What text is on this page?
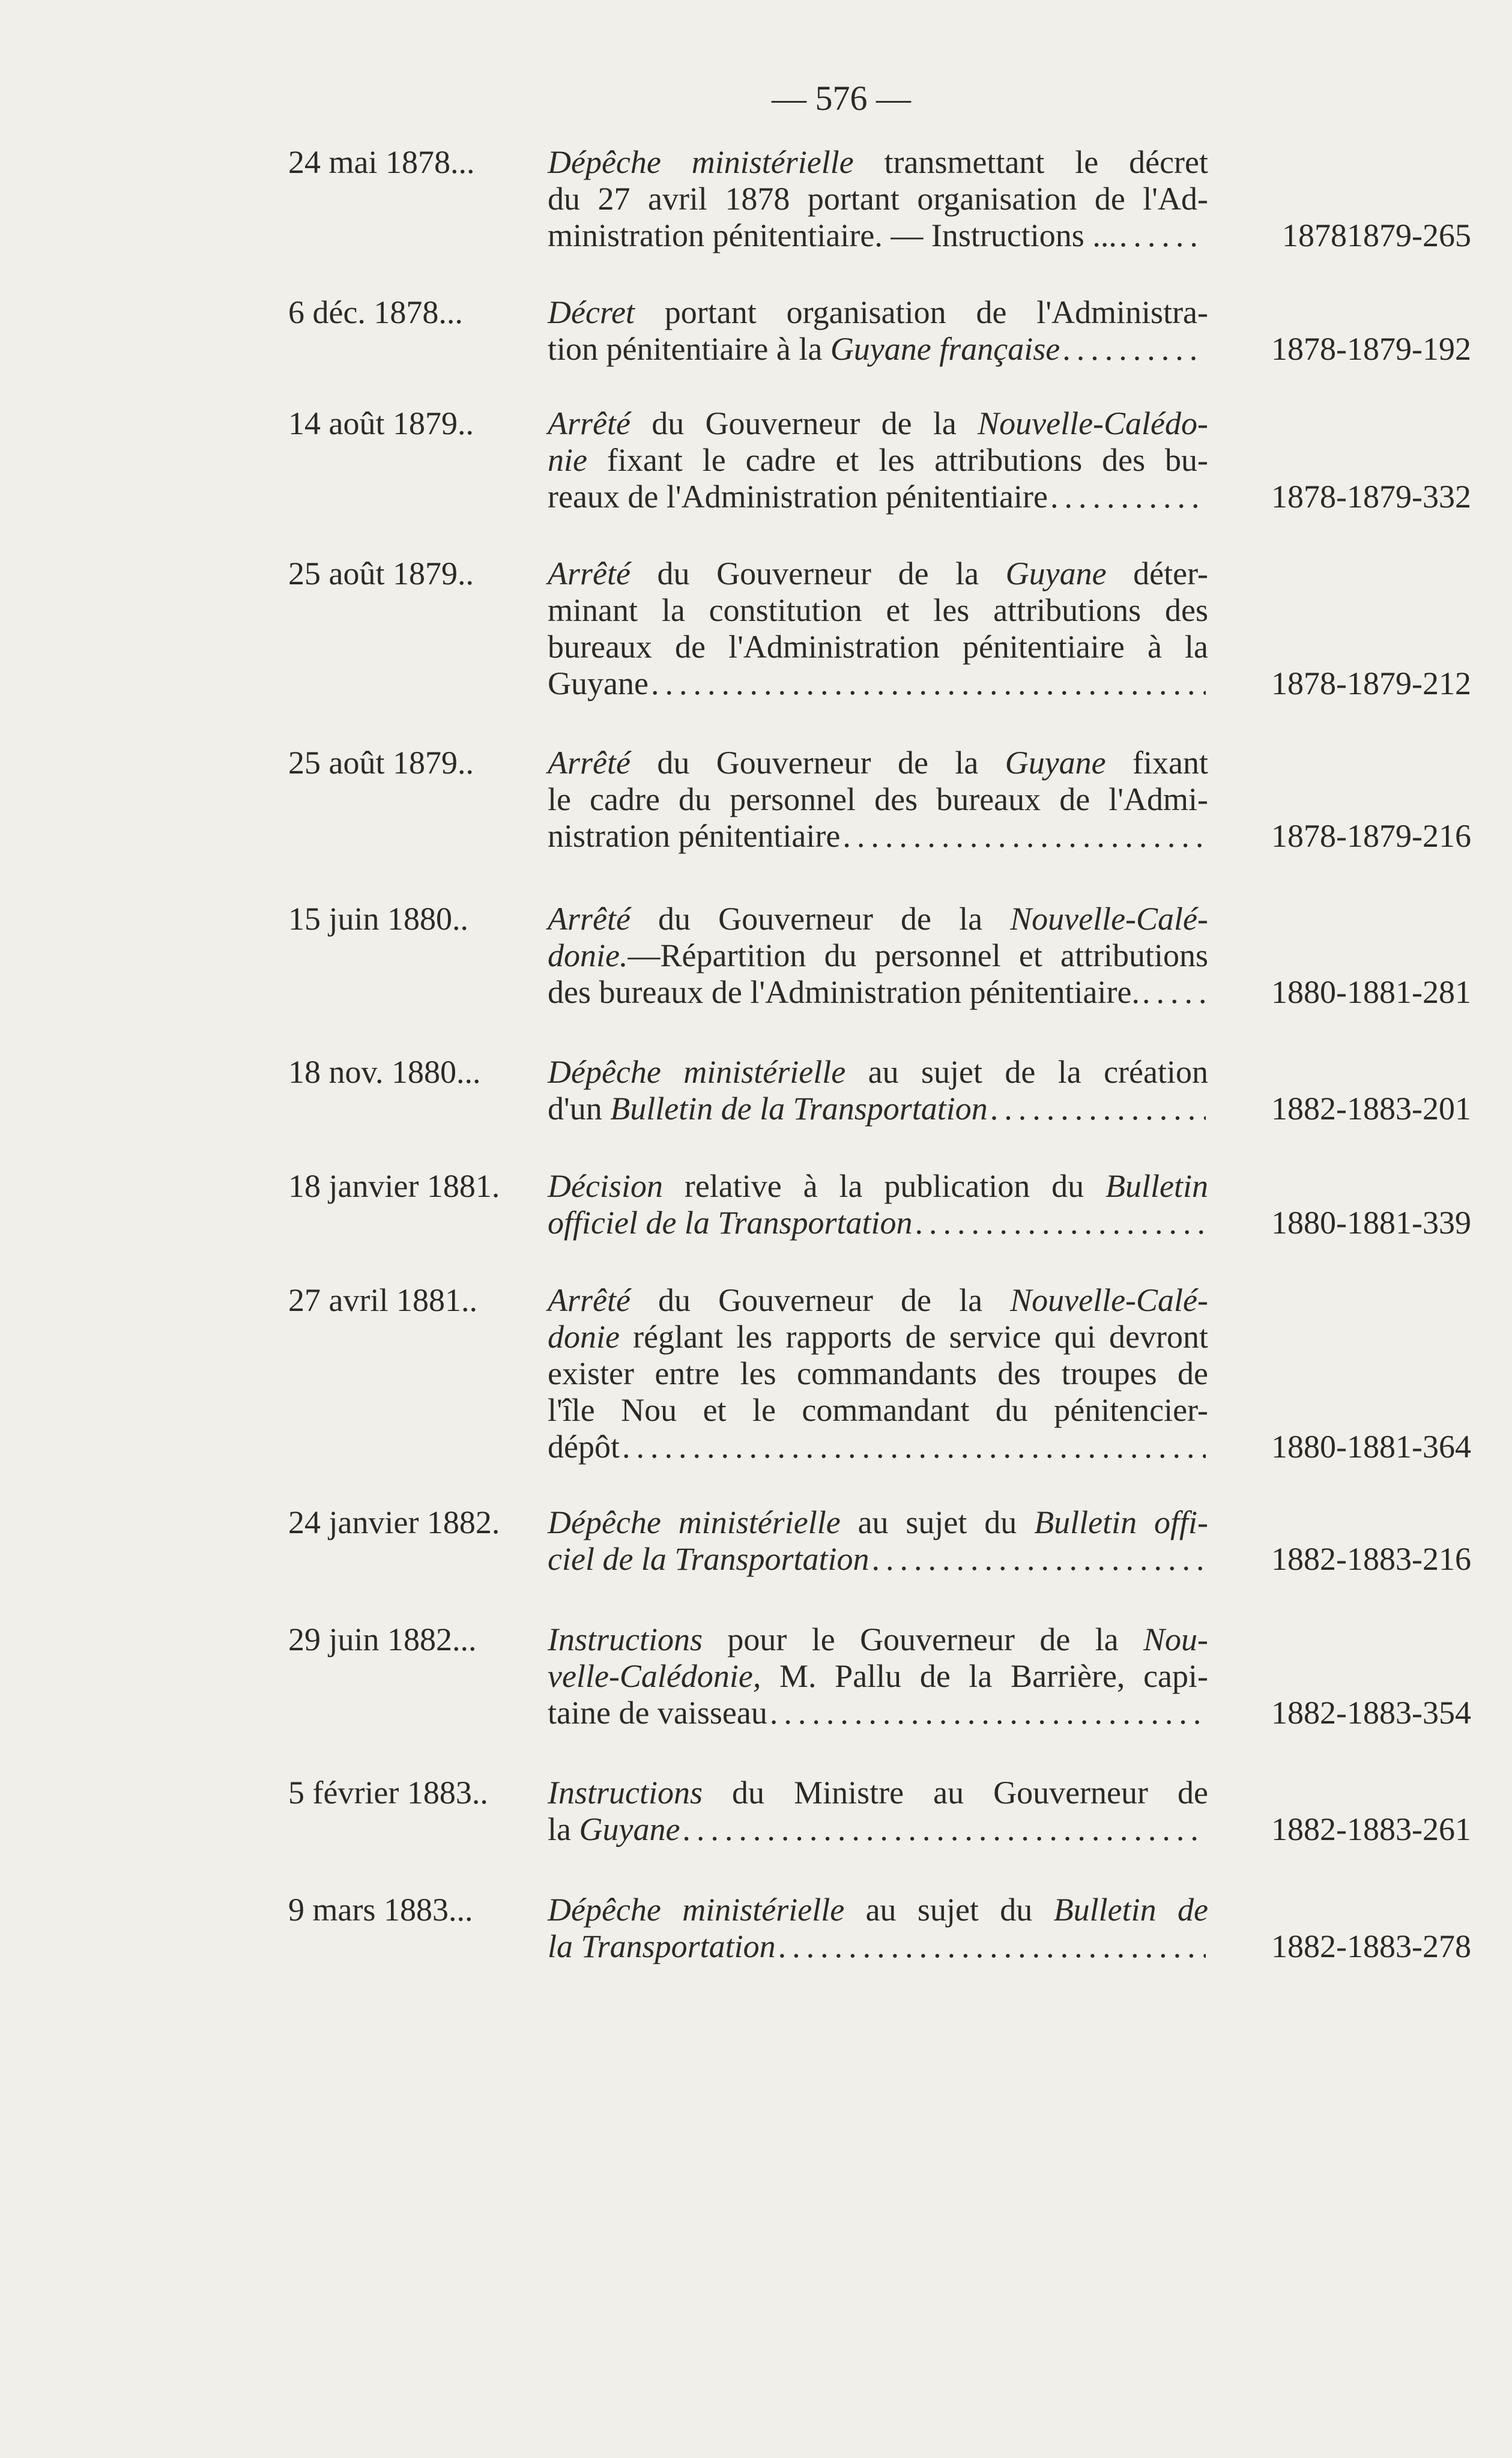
— 576 —
24 mai 1878...	Dépêche ministérielle transmettant le décret
du 27 avril 1878 portant organisation de l'Ad-
ministration pénitentiaire. — Instructions ... .....	18781879-265
6 déc. 1878...	Décret portant organisation de l'Administra-
tion pénitentiaire à la Guyane française .....	1878-1879-192
14 août 1879..	Arrêté du Gouverneur de la Nouvelle-Calédo-
nie fixant le cadre et les attributions des bu-
reaux de l'Administration pénitentiaire .....	1878-1879-332
25 août 1879..	Arrêté du Gouverneur de la Guyane déter-
minant la constitution et les attributions des
bureaux de l'Administration pénitentiaire à la
Guyane .....	1878-1879-212
25 août 1879..	Arrêté du Gouverneur de la Guyane fixant
le cadre du personnel des bureaux de l'Admi-
nistration pénitentiaire .....	1878-1879-216
15 juin 1880..	Arrêté du Gouverneur de la Nouvelle-Calé-
donie.—Répartition du personnel et attributions
des bureaux de l'Administration pénitentiaire. .....	1880-1881-281
18 nov. 1880...	Dépêche ministérielle au sujet de la création
d'un Bulletin de la Transportation .....	1882-1883-201
18 janvier 1881.	Décision relative à la publication du Bulletin
officiel de la Transportation .....	1880-1881-339
27 avril 1881..	Arrêté du Gouverneur de la Nouvelle-Calé-
donie réglant les rapports de service qui devront
exister entre les commandants des troupes de
l'île Nou et le commandant du pénitencier-
dépôt .....	1880-1881-364
24 janvier 1882.	Dépêche ministérielle au sujet du Bulletin offi-
ciel de la Transportation .....	1882-1883-216
29 juin 1882...	Instructions pour le Gouverneur de la Nou-
velle-Calédonie, M. Pallu de la Barrière, capi-
taine de vaisseau .....	1882-1883-354
5 février 1883..	Instructions du Ministre au Gouverneur de
la Guyane .....	1882-1883-261
9 mars 1883...	Dépêche ministérielle au sujet du Bulletin de
la Transportation .....	1882-1883-278
